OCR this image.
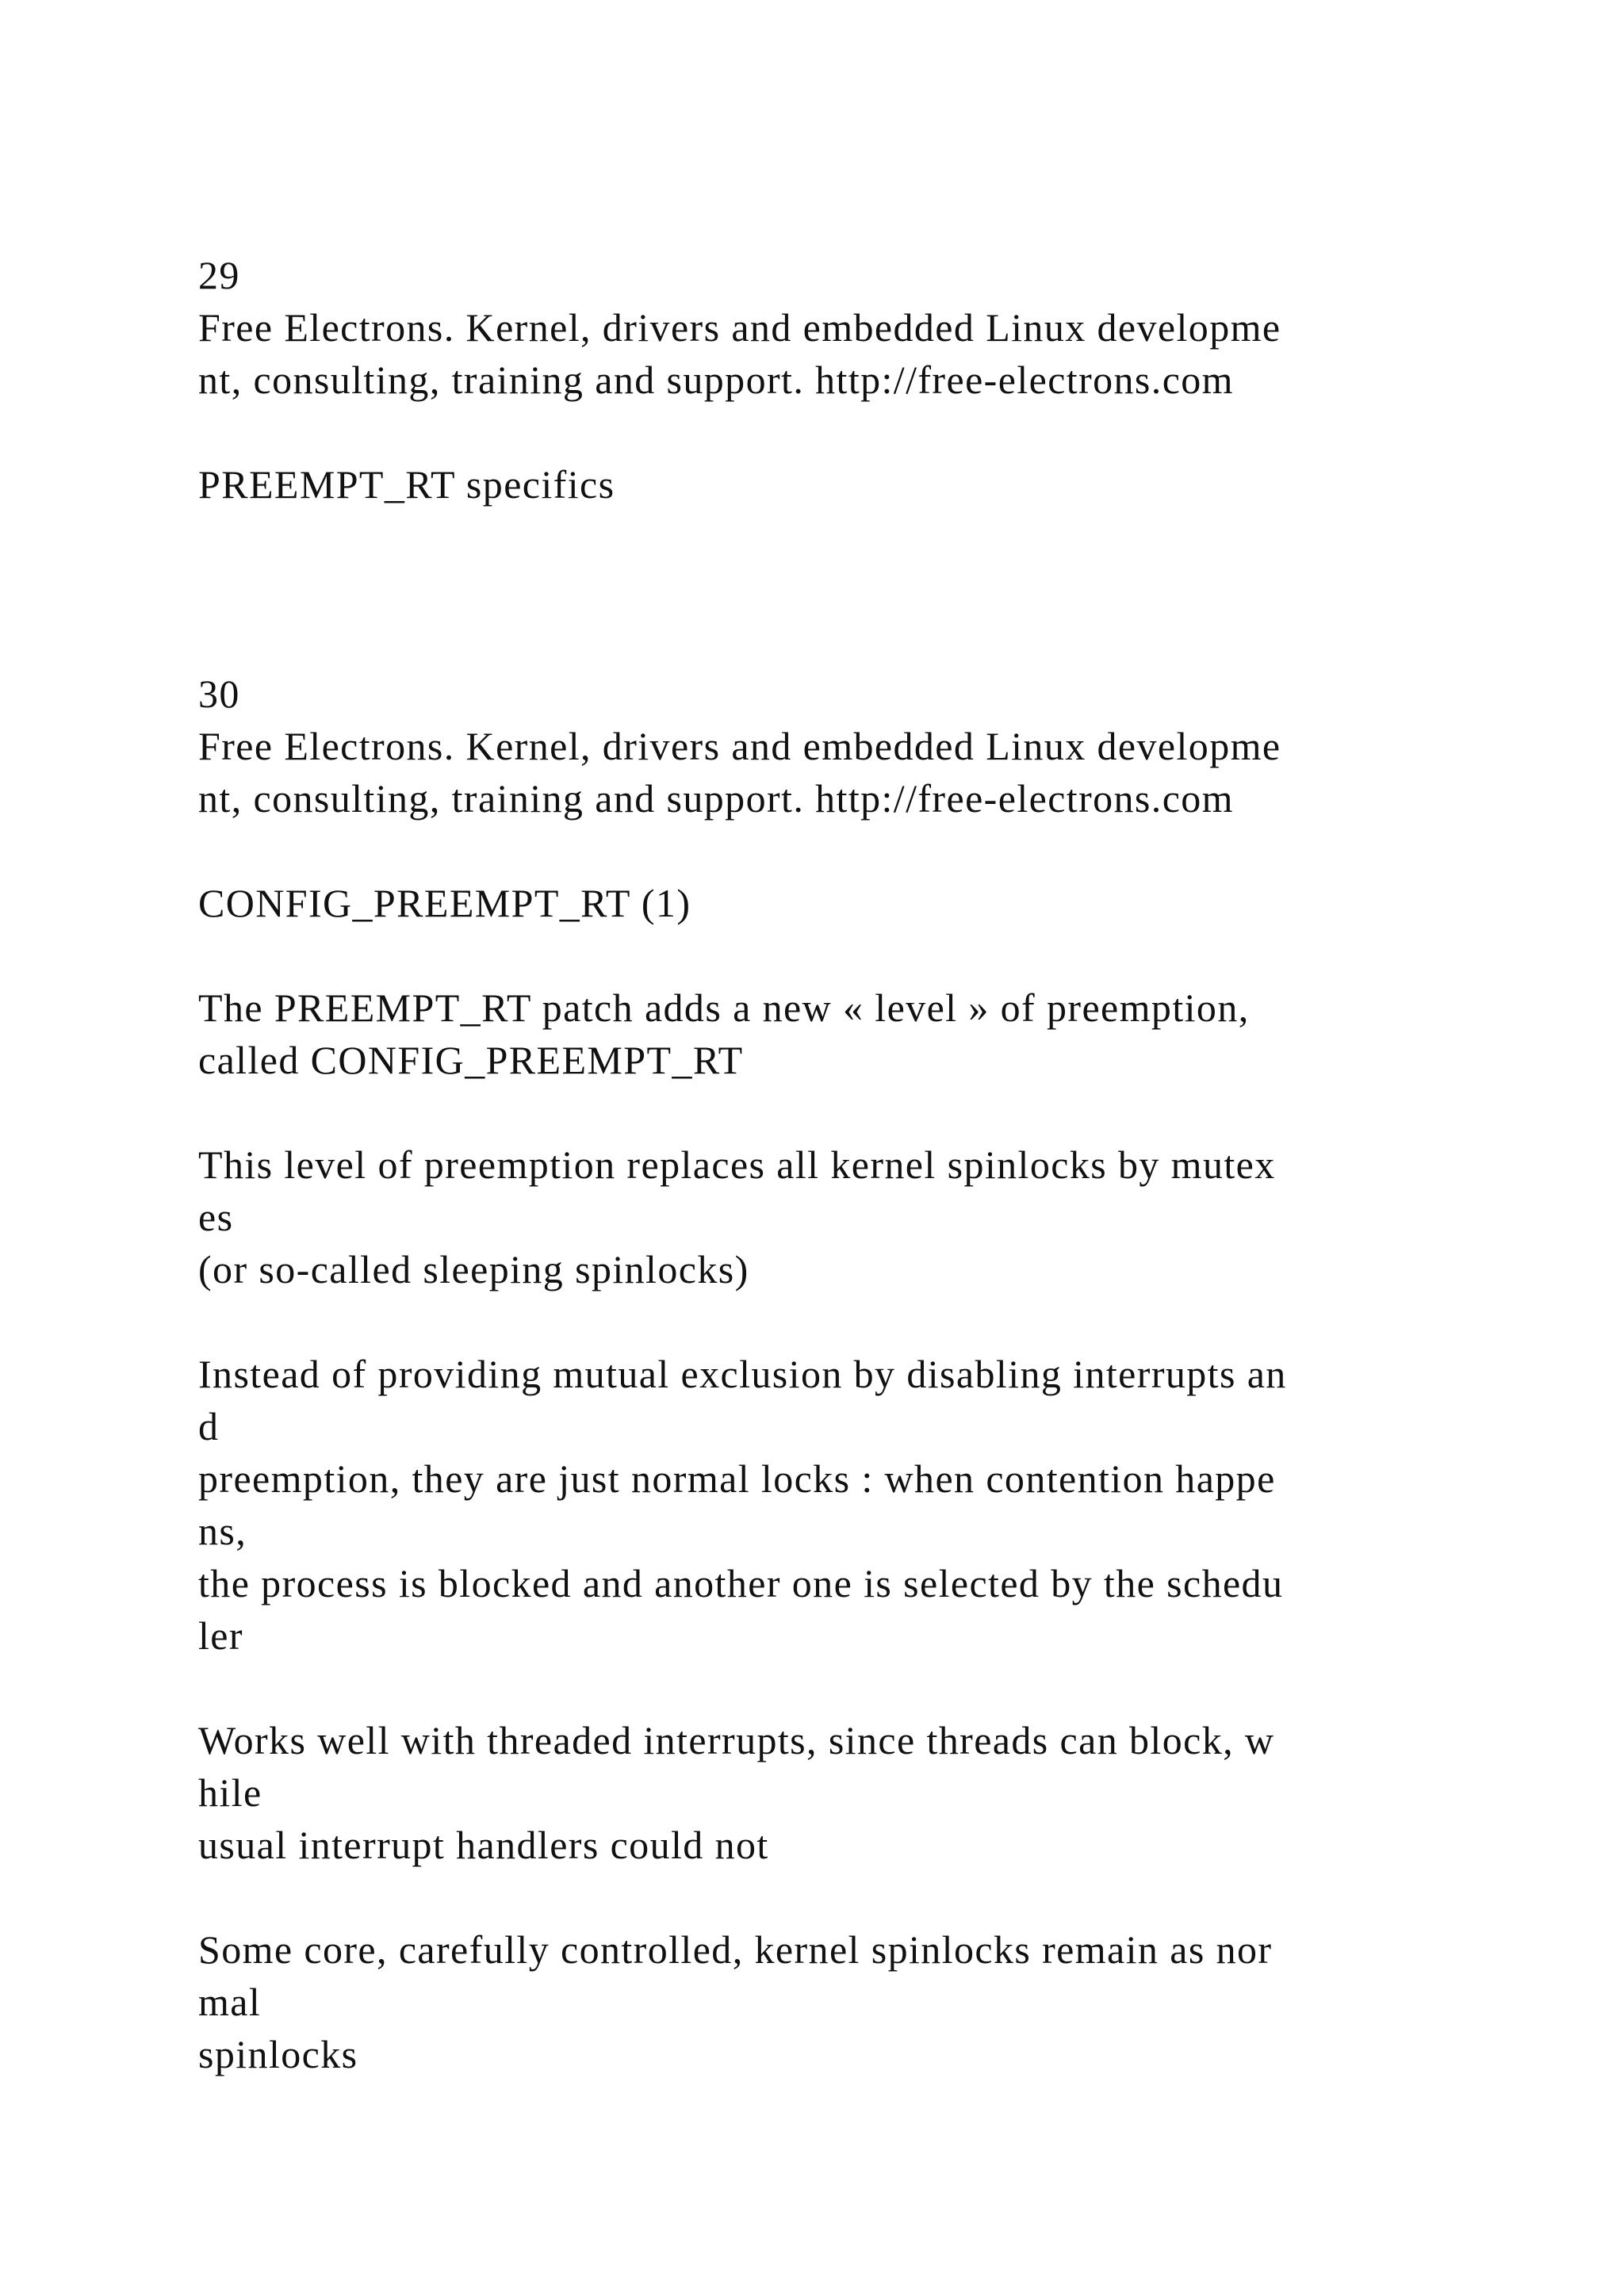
29

Free Electrons. Kernel, drivers and embedded Linux developme

nt, consulting, training and support. http://free-electrons.com

PREEMPT_RT specifics

30

Free Electrons. Kernel, drivers and embedded Linux developme

nt, consulting, training and support. http://free-electrons.com

CONFIG_PREEMPT_RT (1)

The PREEMPT_RT patch adds a new « level » of preemption,

called CONFIG_PREEMPT_RT

This level of preemption replaces all kernel spinlocks by mutex

es

(or so-called sleeping spinlocks)

Instead of providing mutual exclusion by disabling interrupts an

d

preemption, they are just normal locks : when contention happe

ns,

the process is blocked and another one is selected by the schedu

ler

Works well with threaded interrupts, since threads can block, w

hile

usual interrupt handlers could not

Some core, carefully controlled, kernel spinlocks remain as nor

mal

spinlocks
